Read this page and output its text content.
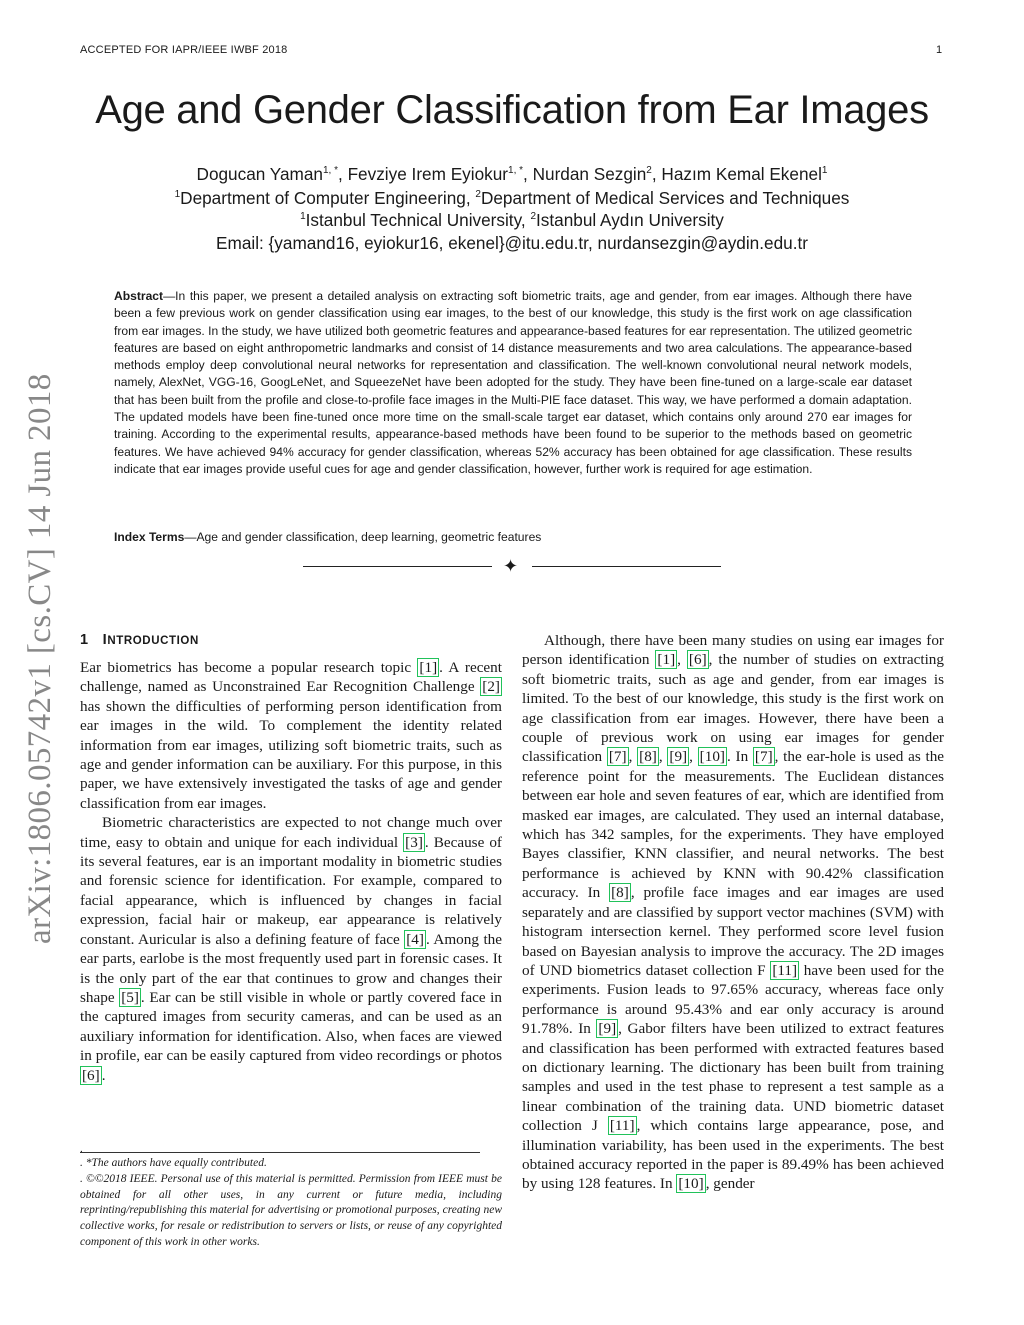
ACCEPTED FOR IAPR/IEEE IWBF 2018	1
Age and Gender Classification from Ear Images
Dogucan Yaman$^{1, *}$, Fevziye Irem Eyiokur$^{1, *}$, Nurdan Sezgin$^2$, Hazım Kemal Ekenel$^1$
$^1$Department of Computer Engineering, $^2$Department of Medical Services and Techniques
$^1$Istanbul Technical University, $^2$Istanbul Aydın University
Email: {yamand16, eyiokur16, ekenel}@itu.edu.tr, nurdansezgin@aydin.edu.tr
Abstract—In this paper, we present a detailed analysis on extracting soft biometric traits, age and gender, from ear images. Although there have been a few previous work on gender classification using ear images, to the best of our knowledge, this study is the first work on age classification from ear images. In the study, we have utilized both geometric features and appearance-based features for ear representation. The utilized geometric features are based on eight anthropometric landmarks and consist of 14 distance measurements and two area calculations. The appearance-based methods employ deep convolutional neural networks for representation and classification. The well-known convolutional neural network models, namely, AlexNet, VGG-16, GoogLeNet, and SqueezeNet have been adopted for the study. They have been fine-tuned on a large-scale ear dataset that has been built from the profile and close-to-profile face images in the Multi-PIE face dataset. This way, we have performed a domain adaptation. The updated models have been fine-tuned once more time on the small-scale target ear dataset, which contains only around 270 ear images for training. According to the experimental results, appearance-based methods have been found to be superior to the methods based on geometric features. We have achieved 94% accuracy for gender classification, whereas 52% accuracy has been obtained for age classification. These results indicate that ear images provide useful cues for age and gender classification, however, further work is required for age estimation.
Index Terms—Age and gender classification, deep learning, geometric features
✦
1 INTRODUCTION

Ear biometrics has become a popular research topic [1] . A recent challenge, named as Unconstrained Ear Recognition Challenge [2] has shown the difficulties of performing person identification from ear images in the wild. To complement the identity related information from ear images, utilizing soft biometric traits, such as age and gender information can be auxiliary. For this purpose, in this paper, we have extensively investigated the tasks of age and gender classification from ear images.

Biometric characteristics are expected to not change much over time, easy to obtain and unique for each individual [3] . Because of its several features, ear is an important modality in biometric studies and forensic science for identification. For example, compared to facial appearance, which is influenced by changes in facial expression, facial hair or makeup, ear appearance is relatively constant. Auricular is also a defining feature of face [4] . Among the ear parts, earlobe is the most frequently used part in forensic cases. It is the only part of the ear that continues to grow and changes their shape [5] . Ear can be still visible in whole or partly covered face in the captured images from security cameras, and can be used as an auxiliary information for identification. Also, when faces are viewed in profile, ear can be easily captured from video recordings or photos [6] .

.

. *The authors have equally contributed.

. ©©2018 IEEE. Personal use of this material is permitted. Permission from IEEE must be obtained for all other uses, in any current or future media, including reprinting/republishing this material for advertising or promotional purposes, creating new collective works, for resale or redistribution to servers or lists, or reuse of any copyrighted component of this work in other works.

Although, there have been many studies on using ear images for person identification [1] , [6] , the number of studies on extracting soft biometric traits, such as age and gender, from ear images is limited. To the best of our knowledge, this study is the first work on age classification from ear images. However, there have been a couple of previous work on using ear images for gender classification [7] , [8] , [9] , [10] . In [7] , the ear-hole is used as the reference point for the measurements. The Euclidean distances between ear hole and seven features of ear, which are identified from masked ear images, are calculated. They used an internal database, which has 342 samples, for the experiments. They have employed Bayes classifier, KNN classifier, and neural networks. The best performance is achieved by KNN with 90.42% classification accuracy. In [8] , profile face images and ear images are used separately and are classified by support vector machines (SVM) with histogram intersection kernel. They performed score level fusion based on Bayesian analysis to improve the accuracy. The 2D images of UND biometrics dataset collection F [11] have been used for the experiments. Fusion leads to 97.65% accuracy, whereas face only performance is around 95.43% and ear only accuracy is around 91.78%. In [9] , Gabor filters have been utilized to extract features and classification has been performed with extracted features based on dictionary learning. The dictionary has been built from training samples and used in the test phase to represent a test sample as a linear combination of the training data. UND biometric dataset collection J [11] , which contains large appearance, pose, and illumination variability, has been used in the experiments. The best obtained accuracy reported in the paper is 89.49% has been achieved by using 128 features. In [10] , gender

arXiv:1806.05742v1 [cs.CV] 14 Jun 2018
